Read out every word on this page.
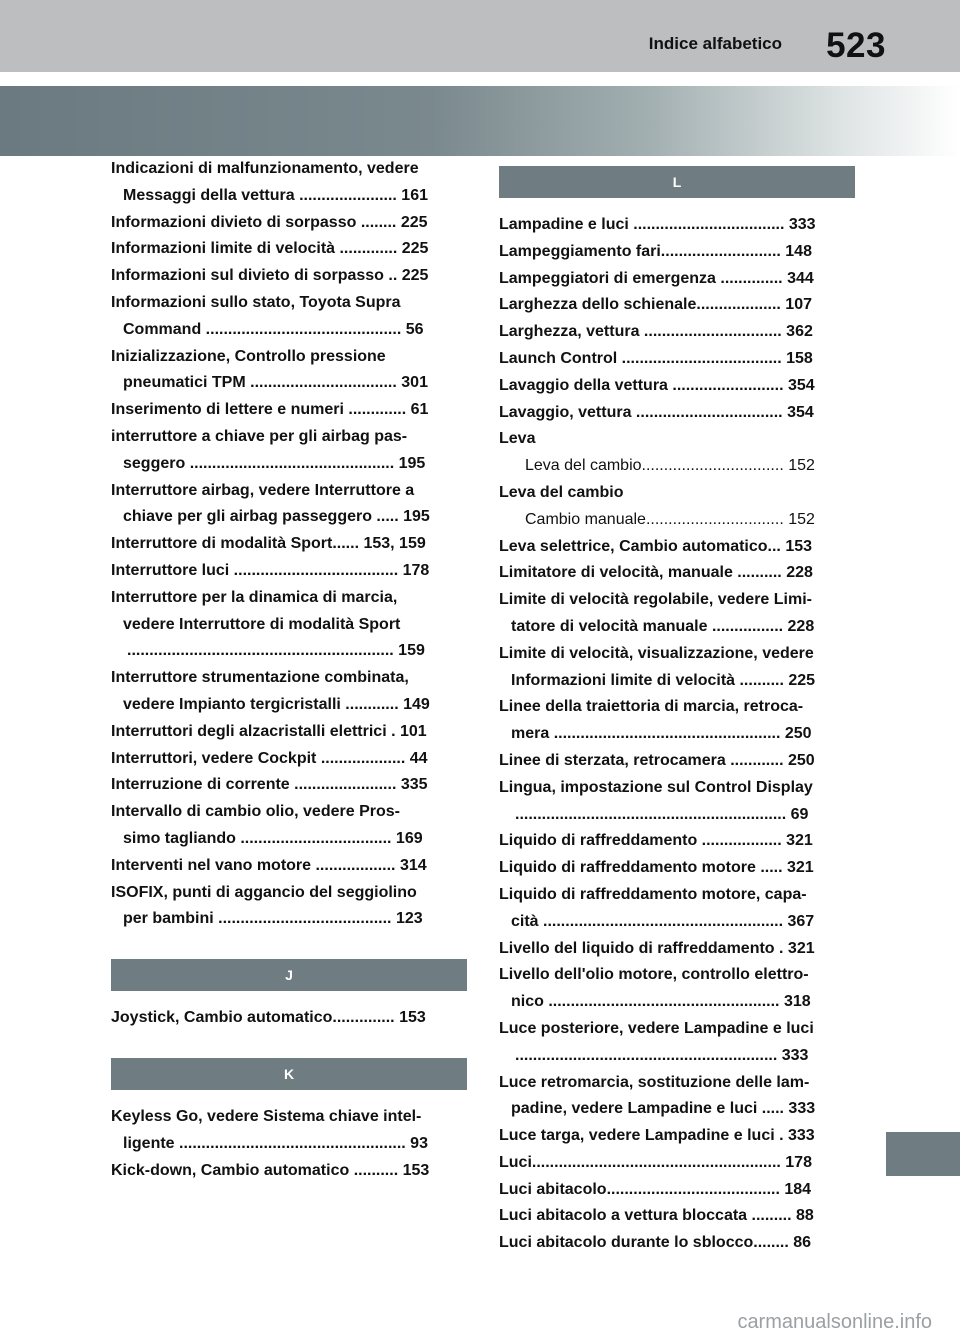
Indice alfabetico 523
Indicazioni di malfunzionamento, vedere
Messaggi della vettura ...................... 161
Informazioni divieto di sorpasso ........ 225
Informazioni limite di velocità ............. 225
Informazioni sul divieto di sorpasso .. 225
Informazioni sullo stato, Toyota Supra
Command ............................................ 56
Inizializzazione, Controllo pressione
pneumatici TPM ................................. 301
Inserimento di lettere e numeri ............. 61
interruttore a chiave per gli airbag pas-
seggero .............................................. 195
Interruttore airbag, vedere Interruttore a
chiave per gli airbag passeggero ..... 195
Interruttore di modalità Sport...... 153, 159
Interruttore luci ..................................... 178
Interruttore per la dinamica di marcia,
vedere Interruttore di modalità Sport
............................................................ 159
Interruttore strumentazione combinata,
vedere Impianto tergicristalli ............ 149
Interruttori degli alzacristalli elettrici . 101
Interruttori, vedere Cockpit ................... 44
Interruzione di corrente ....................... 335
Intervallo di cambio olio, vedere Pros-
simo tagliando .................................. 169
Interventi nel vano motore .................. 314
ISOFIX, punti di aggancio del seggiolino
per bambini ....................................... 123
J
Joystick, Cambio automatico.............. 153
K
Keyless Go, vedere Sistema chiave intel-
ligente ................................................... 93
Kick-down, Cambio automatico .......... 153
L
Lampadine e luci .................................. 333
Lampeggiamento fari........................... 148
Lampeggiatori di emergenza .............. 344
Larghezza dello schienale................... 107
Larghezza, vettura ............................... 362
Launch Control .................................... 158
Lavaggio della vettura ......................... 354
Lavaggio, vettura ................................. 354
Leva
Leva del cambio................................ 152
Leva del cambio
Cambio manuale............................... 152
Leva selettrice, Cambio automatico... 153
Limitatore di velocità, manuale .......... 228
Limite di velocità regolabile, vedere Limi-
tatore di velocità manuale ................ 228
Limite di velocità, visualizzazione, vedere
Informazioni limite di velocità .......... 225
Linee della traiettoria di marcia, retroca-
mera ................................................... 250
Linee di sterzata, retrocamera ............ 250
Lingua, impostazione sul Control Display
............................................................. 69
Liquido di raffreddamento .................. 321
Liquido di raffreddamento motore ..... 321
Liquido di raffreddamento motore, capa-
cità ...................................................... 367
Livello del liquido di raffreddamento . 321
Livello dell'olio motore, controllo elettro-
nico .................................................... 318
Luce posteriore, vedere Lampadine e luci
........................................................... 333
Luce retromarcia, sostituzione delle lam-
padine, vedere Lampadine e luci ..... 333
Luce targa, vedere Lampadine e luci . 333
Luci........................................................ 178
Luci abitacolo....................................... 184
Luci abitacolo a vettura bloccata ......... 88
Luci abitacolo durante lo sblocco........ 86
carmanualsonline.info
